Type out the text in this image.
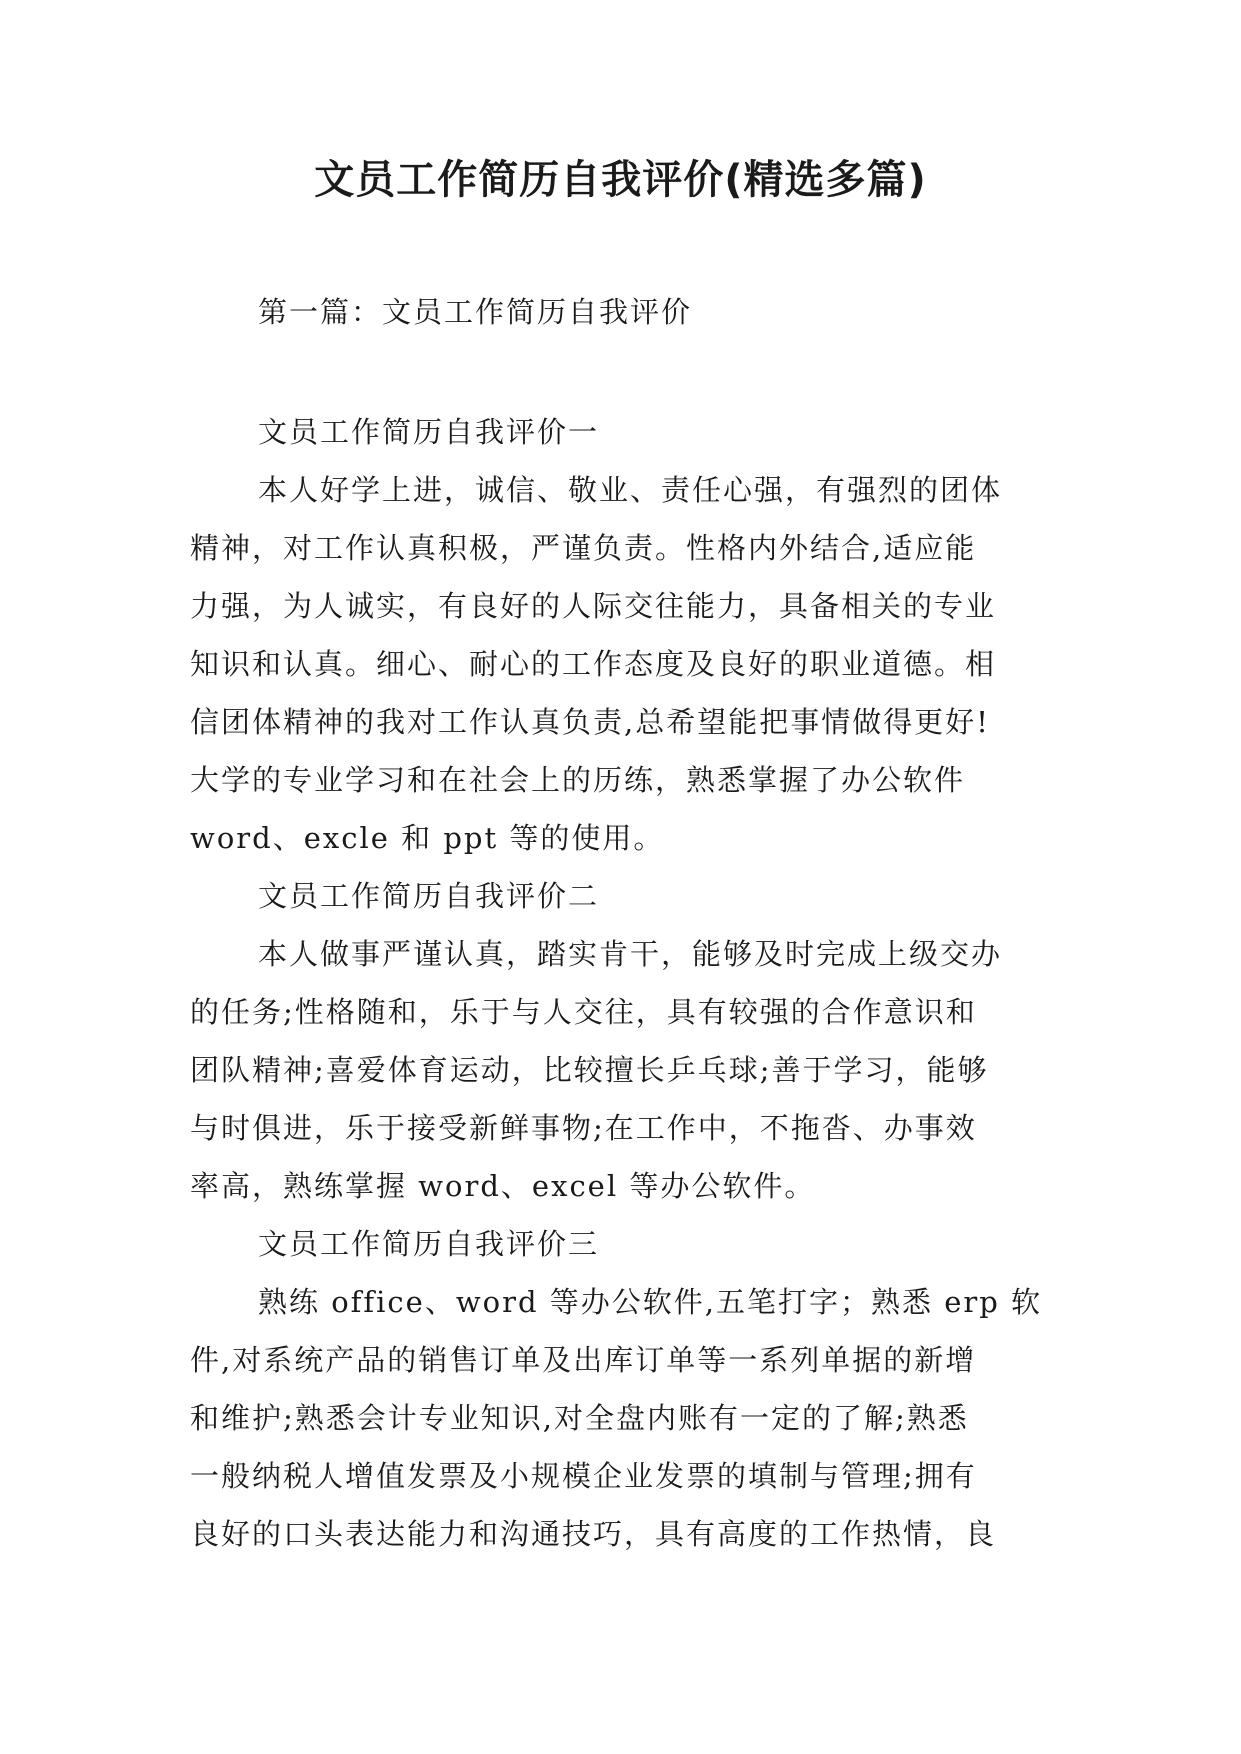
文员工作简历自我评价(精选多篇)
第一篇：文员工作简历自我评价
文员工作简历自我评价一
本人好学上进，诚信、敬业、责任心强，有强烈的团体
精神，对工作认真积极，严谨负责。性格内外结合,适应能
力强，为人诚实，有良好的人际交往能力，具备相关的专业
知识和认真。细心、耐心的工作态度及良好的职业道德。相
信团体精神的我对工作认真负责,总希望能把事情做得更好!
大学的专业学习和在社会上的历练，熟悉掌握了办公软件
word、excle 和 ppt 等的使用。
文员工作简历自我评价二
本人做事严谨认真，踏实肯干，能够及时完成上级交办
的任务;性格随和，乐于与人交往，具有较强的合作意识和
团队精神;喜爱体育运动，比较擅长乒乓球;善于学习，能够
与时俱进，乐于接受新鲜事物;在工作中，不拖沓、办事效
率高，熟练掌握 word、excel 等办公软件。
文员工作简历自我评价三
熟练 office、word 等办公软件,五笔打字；熟悉 erp 软
件,对系统产品的销售订单及出库订单等一系列单据的新增
和维护;熟悉会计专业知识,对全盘内账有一定的了解;熟悉
一般纳税人增值发票及小规模企业发票的填制与管理;拥有
良好的口头表达能力和沟通技巧，具有高度的工作热情，良
